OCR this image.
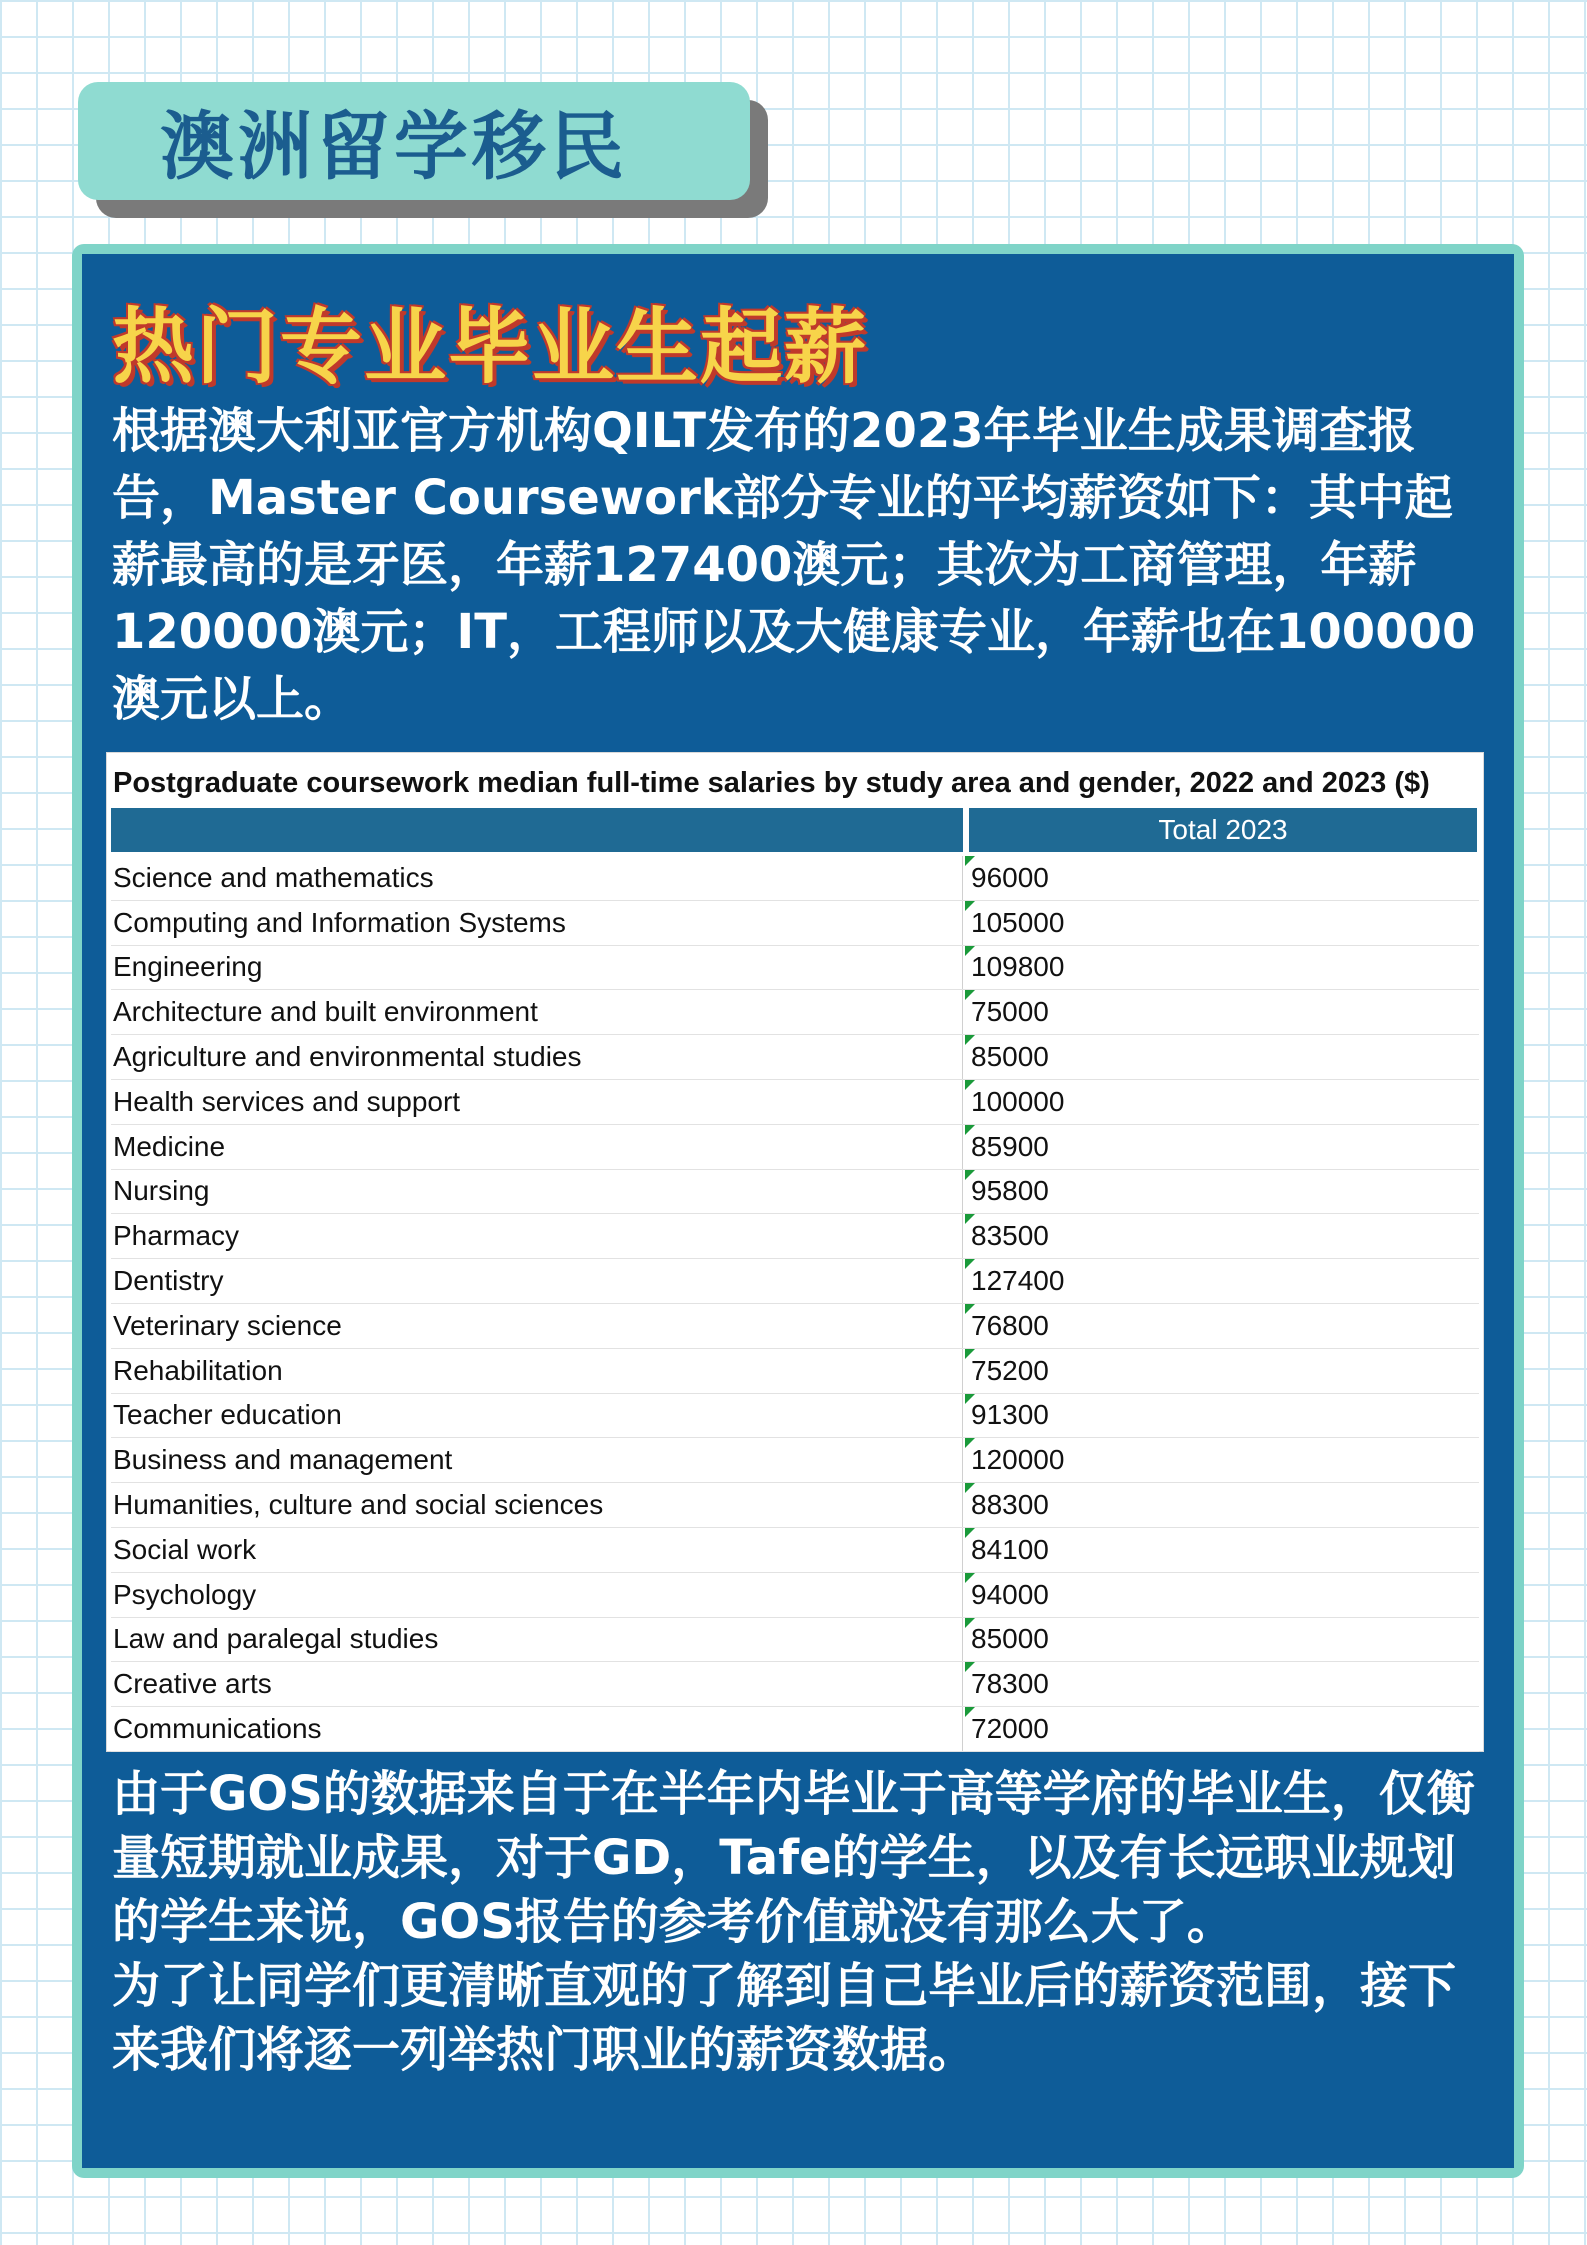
澳洲留学移民
热门专业毕业生起薪

根据澳大利亚官方机构QILT发布的2023年毕业生成果调查报告，Master Coursework部分专业的平均薪资如下：其中起薪最高的是牙医，年薪127400澳元；其次为工商管理，年薪120000澳元；IT，工程师以及大健康专业，年薪也在100000澳元以上。

Postgraduate coursework median full-time salaries by study area and gender, 2022 and 2023 ($)
Total 2023
Science and mathematics	96000
Computing and Information Systems	105000
Engineering	109800
Architecture and built environment	75000
Agriculture and environmental studies	85000
Health services and support	100000
Medicine	85900
Nursing	95800
Pharmacy	83500
Dentistry	127400
Veterinary science	76800
Rehabilitation	75200
Teacher education	91300
Business and management	120000
Humanities, culture and social sciences	88300
Social work	84100
Psychology	94000
Law and paralegal studies	85000
Creative arts	78300
Communications	72000

由于GOS的数据来自于在半年内毕业于高等学府的毕业生，仅衡量短期就业成果，对于GD，Tafe的学生，以及有长远职业规划的学生来说，GOS报告的参考价值就没有那么大了。

为了让同学们更清晰直观的了解到自己毕业后的薪资范围，接下来我们将逐一列举热门职业的薪资数据。
